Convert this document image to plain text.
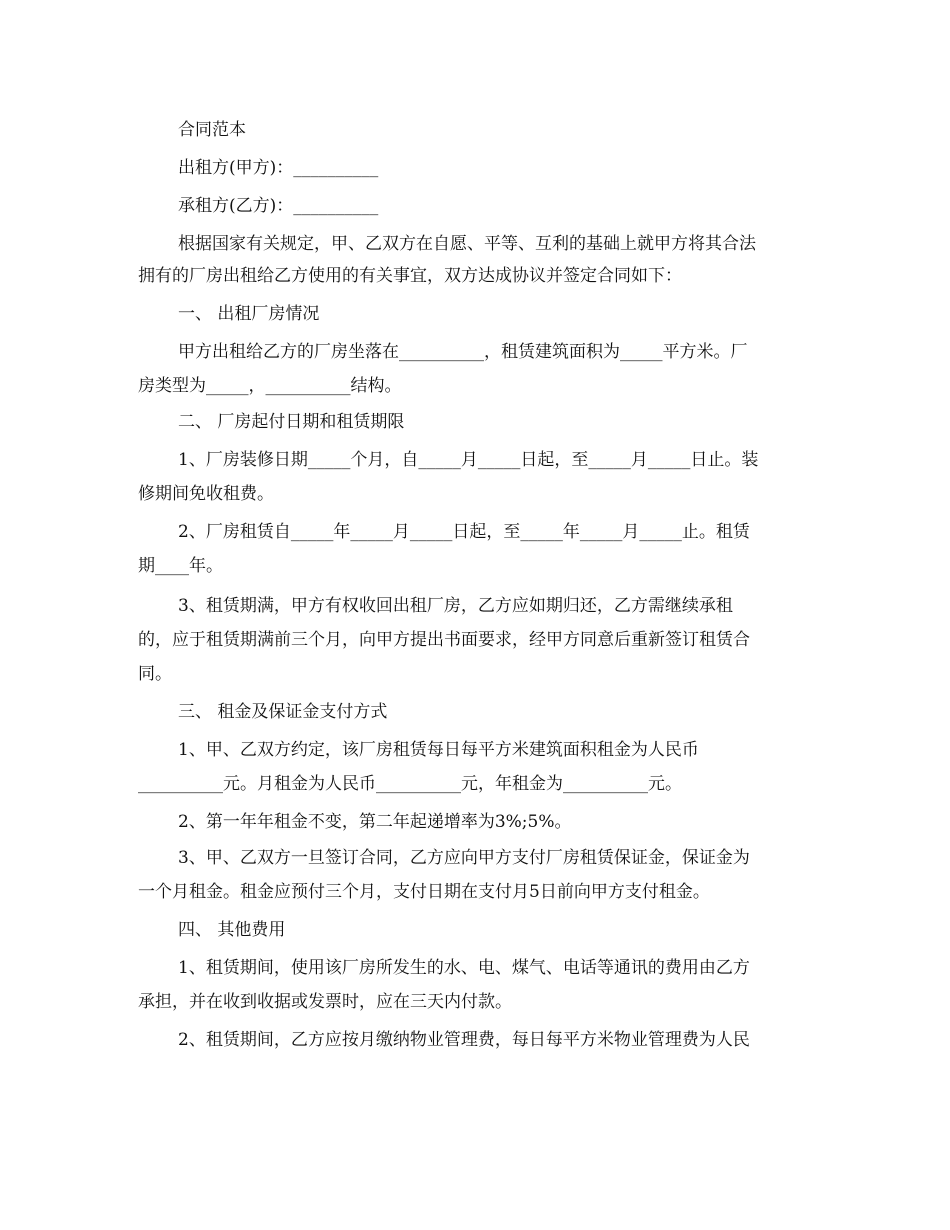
合同范本
出租方(甲方)：__________
承租方(乙方)：__________
根据国家有关规定，甲、乙双方在自愿、平等、互利的基础上就甲方将其合法
拥有的厂房出租给乙方使用的有关事宜，双方达成协议并签定合同如下：
一、 出租厂房情况
甲方出租给乙方的厂房坐落在__________，租赁建筑面积为_____平方米。厂
房类型为_____，__________结构。
二、 厂房起付日期和租赁期限
1、厂房装修日期_____个月，自_____月_____日起，至_____月_____日止。装
修期间免收租费。
2、厂房租赁自_____年_____月_____日起，至_____年_____月_____止。租赁
期____年。
3、租赁期满，甲方有权收回出租厂房，乙方应如期归还，乙方需继续承租
的，应于租赁期满前三个月，向甲方提出书面要求，经甲方同意后重新签订租赁合
同。
三、 租金及保证金支付方式
1、甲、乙双方约定，该厂房租赁每日每平方米建筑面积租金为人民币
__________元。月租金为人民币__________元，年租金为__________元。
2、第一年年租金不变，第二年起递增率为3%;5%。
3、甲、乙双方一旦签订合同，乙方应向甲方支付厂房租赁保证金，保证金为
一个月租金。租金应预付三个月，支付日期在支付月5日前向甲方支付租金。
四、 其他费用
1、租赁期间，使用该厂房所发生的水、电、煤气、电话等通讯的费用由乙方
承担，并在收到收据或发票时，应在三天内付款。
2、租赁期间，乙方应按月缴纳物业管理费，每日每平方米物业管理费为人民
